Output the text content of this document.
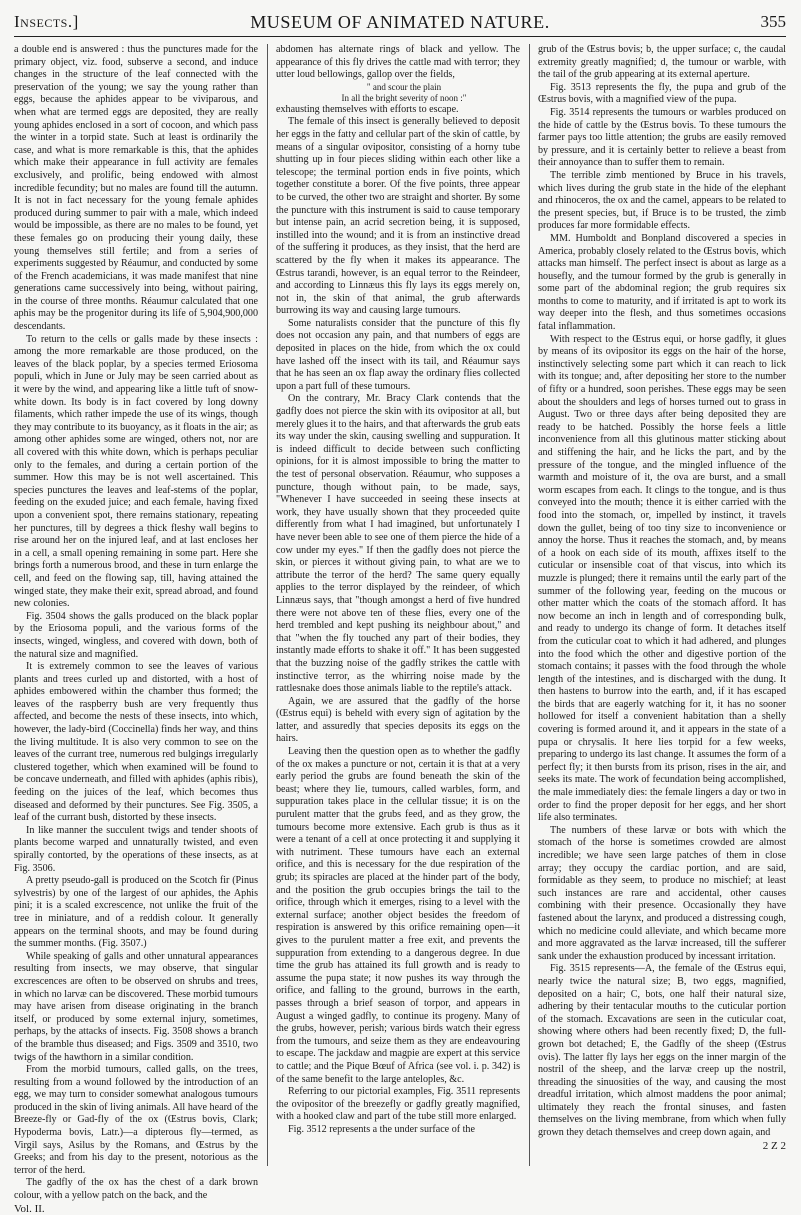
Insects.]	MUSEUM OF ANIMATED NATURE.	355

a double end is answered : thus the punctures made for the primary object, viz. food, subserve a second, and induce changes in the structure of the leaf connected with the preservation of the young; we say the young rather than eggs, because the aphides appear to be viviparous, and when what are termed eggs are deposited, they are really young aphides enclosed in a sort of cocoon, and which pass the winter in a torpid state. Such at least is ordinarily the case, and what is more remarkable is this, that the aphides which make their appearance in full activity are females exclusively, and prolific, being endowed with almost incredible fecundity; but no males are found till the autumn. It is not in fact necessary for the young female aphides produced during summer to pair with a male, which indeed would be impossible, as there are no males to be found, yet these females go on producing their young daily, these young themselves still fertile; and from a series of experiments suggested by Réaumur, and conducted by some of the French academicians, it was made manifest that nine generations came successively into being, without pairing, in the course of three months. Réaumur calculated that one aphis may be the progenitor during its life of 5,904,900,000 descendants.

To return to the cells or galls made by these insects : among the more remarkable are those produced, on the leaves of the black poplar, by a species termed Eriosoma populi, which in June or July may be seen carried about as it were by the wind, and appearing like a little tuft of snow-white down. Its body is in fact covered by long downy filaments, which rather impede the use of its wings, though they may contribute to its buoyancy, as it floats in the air; as among other aphides some are winged, others not, nor are all covered with this white down, which is perhaps peculiar only to the females, and during a certain portion of the summer. How this may be is not well ascertained. This species punctures the leaves and leaf-stems of the poplar, feeding on the exuded juice; and each female, having fixed upon a convenient spot, there remains stationary, repeating her punctures, till by degrees a thick fleshy wall begins to rise around her on the injured leaf, and at last encloses her in a cell, a small opening remaining in some part. Here she brings forth a numerous brood, and these in turn enlarge the cell, and feed on the flowing sap, till, having attained the winged state, they make their exit, spread abroad, and found new colonies.

Fig. 3504 shows the galls produced on the black poplar by the Eriosoma populi, and the various forms of the insects, winged, wingless, and covered with down, both of the natural size and magnified.

It is extremely common to see the leaves of various plants and trees curled up and distorted, with a host of aphides embowered within the chamber thus formed; the leaves of the raspberry bush are very frequently thus affected, and become the nests of these insects, into which, however, the lady-bird (Coccinella) finds her way, and thins the living multitude. It is also very common to see on the leaves of the currant tree, numerous red bulgings irregularly clustered together, which when examined will be found to be concave underneath, and filled with aphides (aphis ribis), feeding on the juices of the leaf, which becomes thus diseased and deformed by their punctures. See Fig. 3505, a leaf of the currant bush, distorted by these insects.

In like manner the succulent twigs and tender shoots of plants become warped and unnaturally twisted, and even spirally contorted, by the operations of these insects, as at Fig. 3506.

A pretty pseudo-gall is produced on the Scotch fir (Pinus sylvestris) by one of the largest of our aphides, the Aphis pini; it is a scaled excrescence, not unlike the fruit of the tree in miniature, and of a reddish colour. It generally appears on the terminal shoots, and may be found during the summer months. (Fig. 3507.)

While speaking of galls and other unnatural appearances resulting from insects, we may observe, that singular excrescences are often to be observed on shrubs and trees, in which no larvæ can be discovered. These morbid tumours may have arisen from disease originating in the branch itself, or produced by some external injury, sometimes, perhaps, by the attacks of insects. Fig. 3508 shows a branch of the bramble thus diseased; and Figs. 3509 and 3510, two twigs of the hawthorn in a similar condition.

From the morbid tumours, called galls, on the trees, resulting from a wound followed by the introduction of an egg, we may turn to consider somewhat analogous tumours produced in the skin of living animals. All have heard of the Breeze-fly or Gad-fly of the ox (Œstrus bovis, Clark; Hypoderma bovis, Latr.)—a dipterous fly—termed, as Virgil says, Asilus by the Romans, and Œstrus by the Greeks; and from his day to the present, notorious as the terror of the herd.

The gadfly of the ox has the chest of a dark brown colour, with a yellow patch on the back, and the

Vol. II.

abdomen has alternate rings of black and yellow. The appearance of this fly drives the cattle mad with terror; they utter loud bellowings, gallop over the fields,

" and scour the plain

In all the bright severity of noon :"

exhausting themselves with efforts to escape.

The female of this insect is generally believed to deposit her eggs in the fatty and cellular part of the skin of cattle, by means of a singular ovipositor, consisting of a horny tube shutting up in four pieces sliding within each other like a telescope; the terminal portion ends in five points, which together constitute a borer. Of the five points, three appear to be curved, the other two are straight and shorter. By some the puncture with this instrument is said to cause temporary but intense pain, an acrid secretion being, it is supposed, instilled into the wound; and it is from an instinctive dread of the suffering it produces, as they insist, that the herd are scattered by the fly when it makes its appearance. The Œstrus tarandi, however, is an equal terror to the Reindeer, and according to Linnæus this fly lays its eggs merely on, not in, the skin of that animal, the grub afterwards burrowing its way and causing large tumours.

Some naturalists consider that the puncture of this fly does not occasion any pain, and that numbers of eggs are deposited in places on the hide, from which the ox could have lashed off the insect with its tail, and Réaumur says that he has seen an ox flap away the ordinary flies collected upon a part full of these tumours.

On the contrary, Mr. Bracy Clark contends that the gadfly does not pierce the skin with its ovipositor at all, but merely glues it to the hairs, and that afterwards the grub eats its way under the skin, causing swelling and suppuration. It is indeed difficult to decide between such conflicting opinions, for it is almost impossible to bring the matter to the test of personal observation. Réaumur, who supposes a puncture, though without pain, to be made, says, "Whenever I have succeeded in seeing these insects at work, they have usually shown that they proceeded quite differently from what I had imagined, but unfortunately I have never been able to see one of them pierce the hide of a cow under my eyes." If then the gadfly does not pierce the skin, or pierces it without giving pain, to what are we to attribute the terror of the herd? The same query equally applies to the terror displayed by the reindeer, of which Linnæus says, that "though amongst a herd of five hundred there were not above ten of these flies, every one of the herd trembled and kept pushing its neighbour about," and that "when the fly touched any part of their bodies, they instantly made efforts to shake it off." It has been suggested that the buzzing noise of the gadfly strikes the cattle with instinctive terror, as the whirring noise made by the rattlesnake does those animals liable to the reptile's attack.

Again, we are assured that the gadfly of the horse (Œstrus equi) is beheld with every sign of agitation by the latter, and assuredly that species deposits its eggs on the hairs.

Leaving then the question open as to whether the gadfly of the ox makes a puncture or not, certain it is that at a very early period the grubs are found beneath the skin of the beast; where they lie, tumours, called warbles, form, and suppuration takes place in the cellular tissue; it is on the purulent matter that the grubs feed, and as they grow, the tumours become more extensive. Each grub is thus as it were a tenant of a cell at once protecting it and supplying it with nutriment. These tumours have each an external orifice, and this is necessary for the due respiration of the grub; its spiracles are placed at the hinder part of the body, and the position the grub occupies brings the tail to the orifice, through which it emerges, rising to a level with the external surface; another object besides the freedom of respiration is answered by this orifice remaining open—it gives to the purulent matter a free exit, and prevents the suppuration from extending to a dangerous degree. In due time the grub has attained its full growth and is ready to assume the pupa state; it now pushes its way through the orifice, and falling to the ground, burrows in the earth, passes through a brief season of torpor, and appears in August a winged gadfly, to continue its progeny. Many of the grubs, however, perish; various birds watch their egress from the tumours, and seize them as they are endeavouring to escape. The jackdaw and magpie are expert at this service to cattle; and the Pique Bœuf of Africa (see vol. i. p. 342) is of the same benefit to the large anteloples, &c.

Referring to our pictorial examples, Fig. 3511 represents the ovipositor of the breezefly or gadfly greatly magnified, with a hooked claw and part of the tube still more enlarged.

Fig. 3512 represents a the under surface of the

grub of the Œstrus bovis; b, the upper surface; c, the caudal extremity greatly magnified; d, the tumour or warble, with the tail of the grub appearing at its external aperture.

Fig. 3513 represents the fly, the pupa and grub of the Œstrus bovis, with a magnified view of the pupa.

Fig. 3514 represents the tumours or warbles produced on the hide of cattle by the Œstrus bovis. To these tumours the farmer pays too little attention; the grubs are easily removed by pressure, and it is certainly better to relieve a beast from their annoyance than to suffer them to remain.

The terrible zimb mentioned by Bruce in his travels, which lives during the grub state in the hide of the elephant and rhinoceros, the ox and the camel, appears to be related to the present species, but, if Bruce is to be trusted, the zimb produces far more formidable effects.

MM. Humboldt and Bonpland discovered a species in America, probably closely related to the Œstrus bovis, which attacks man himself. The perfect insect is about as large as a housefly, and the tumour formed by the grub is generally in some part of the abdominal region; the grub requires six months to come to maturity, and if irritated is apt to work its way deeper into the flesh, and thus sometimes occasions fatal inflammation.

With respect to the Œstrus equi, or horse gadfly, it glues by means of its ovipositor its eggs on the hair of the horse, instinctively selecting some part which it can reach to lick with its tongue; and, after depositing her store to the number of fifty or a hundred, soon perishes. These eggs may be seen about the shoulders and legs of horses turned out to grass in August. Two or three days after being deposited they are ready to be hatched. Possibly the horse feels a little inconvenience from all this glutinous matter sticking about and stiffening the hair, and he licks the part, and by the pressure of the tongue, and the mingled influence of the warmth and moisture of it, the ova are burst, and a small worm escapes from each. It clings to the tongue, and is thus conveyed into the mouth; thence it is either carried with the food into the stomach, or, impelled by instinct, it travels down the gullet, being of too tiny size to inconvenience or annoy the horse. Thus it reaches the stomach, and, by means of a hook on each side of its mouth, affixes itself to the cuticular or insensible coat of that viscus, into which its muzzle is plunged; there it remains until the early part of the summer of the following year, feeding on the mucous or other matter which the coats of the stomach afford. It has now become an inch in length and of corresponding bulk, and ready to undergo its change of form. It detaches itself from the cuticular coat to which it had adhered, and plunges into the food which the other and digestive portion of the stomach contains; it passes with the food through the whole length of the intestines, and is discharged with the dung. It then hastens to burrow into the earth, and, if it has escaped the birds that are eagerly watching for it, it has no sooner hollowed for itself a convenient habitation than a shelly covering is formed around it, and it appears in the state of a pupa or chrysalis. It here lies torpid for a few weeks, preparing to undergo its last change. It assumes the form of a perfect fly; it then bursts from its prison, rises in the air, and seeks its mate. The work of fecundation being accomplished, the male immediately dies: the female lingers a day or two in order to find the proper deposit for her eggs, and her short life also terminates.

The numbers of these larvæ or bots with which the stomach of the horse is sometimes crowded are almost incredible; we have seen large patches of them in close array; they occupy the cardiac portion, and are said, formidable as they seem, to produce no mischief; at least such instances are rare and accidental, other causes combining with their presence. Occasionally they have fastened about the larynx, and produced a distressing cough, which no medicine could alleviate, and which became more and more aggravated as the larvæ increased, till the sufferer sank under the exhaustion produced by incessant irritation.

Fig. 3515 represents—A, the female of the Œstrus equi, nearly twice the natural size; B, two eggs, magnified, deposited on a hair; C, bots, one half their natural size, adhering by their tentacular mouths to the cuticular portion of the stomach. Excavations are seen in the cuticular coat, showing where others had been recently fixed; D, the full-grown bot detached; E, the Gadfly of the sheep (Œstrus ovis). The latter fly lays her eggs on the inner margin of the nostril of the sheep, and the larvæ creep up the nostril, threading the sinuosities of the way, and causing the most dreadful irritation, which almost maddens the poor animal; ultimately they reach the frontal sinuses, and fasten themselves on the living membrane, from which when fully grown they detach themselves and creep down again, and

2 Z 2
